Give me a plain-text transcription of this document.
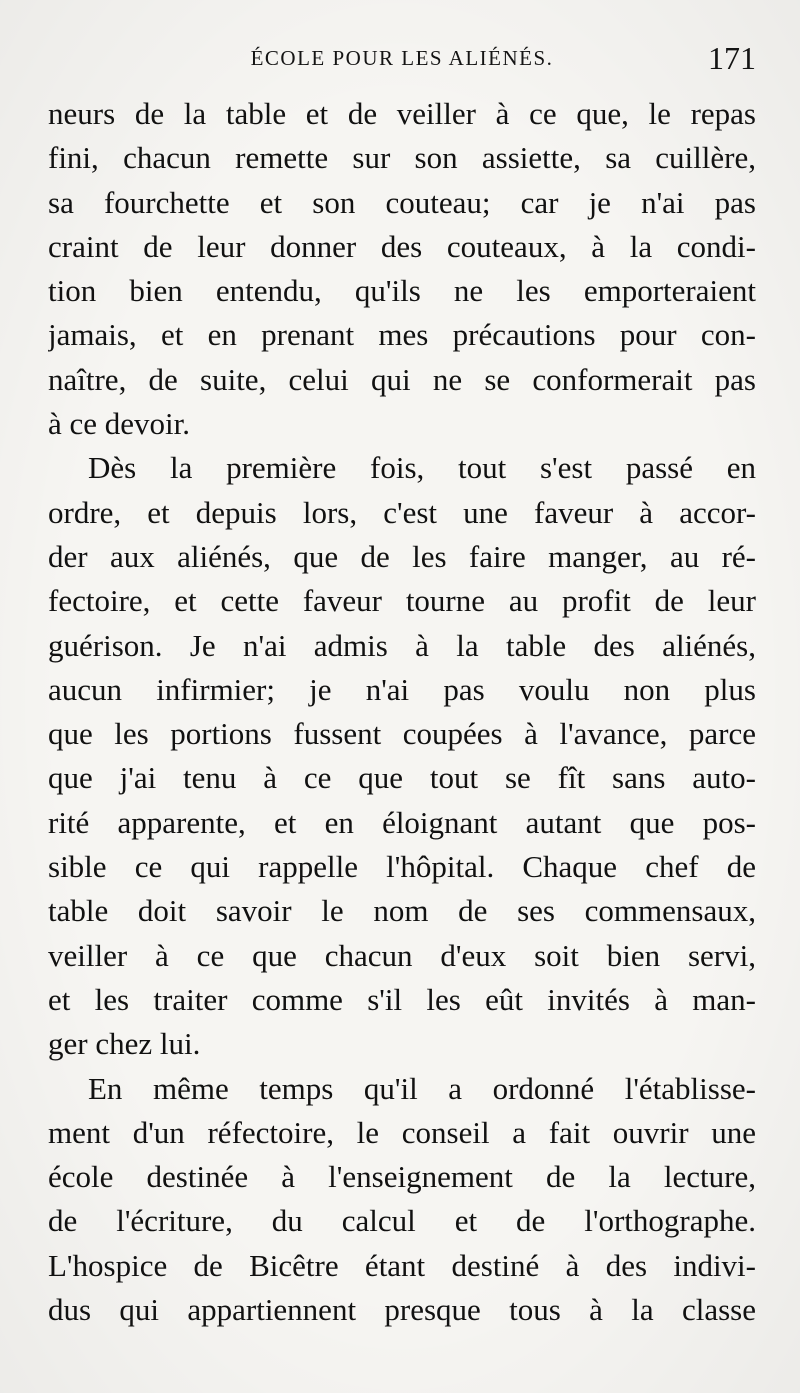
ÉCOLE POUR LES ALIÉNÉS.	171
neurs de la table et de veiller à ce que, le repas
fini, chacun remette sur son assiette, sa cuillère,
sa fourchette et son couteau; car je n'ai pas
craint de leur donner des couteaux, à la condi-
tion bien entendu, qu'ils ne les emporteraient
jamais, et en prenant mes précautions pour con-
naître, de suite, celui qui ne se conformerait pas
à ce devoir.
Dès la première fois, tout s'est passé en
ordre, et depuis lors, c'est une faveur à accor-
der aux aliénés, que de les faire manger, au ré-
fectoire, et cette faveur tourne au profit de leur
guérison. Je n'ai admis à la table des aliénés,
aucun infirmier; je n'ai pas voulu non plus
que les portions fussent coupées à l'avance, parce
que j'ai tenu à ce que tout se fît sans auto-
rité apparente, et en éloignant autant que pos-
sible ce qui rappelle l'hôpital. Chaque chef de
table doit savoir le nom de ses commensaux,
veiller à ce que chacun d'eux soit bien servi,
et les traiter comme s'il les eût invités à man-
ger chez lui.
En même temps qu'il a ordonné l'établisse-
ment d'un réfectoire, le conseil a fait ouvrir une
école destinée à l'enseignement de la lecture,
de l'écriture, du calcul et de l'orthographe.
L'hospice de Bicêtre étant destiné à des indivi-
dus qui appartiennent presque tous à la classe
